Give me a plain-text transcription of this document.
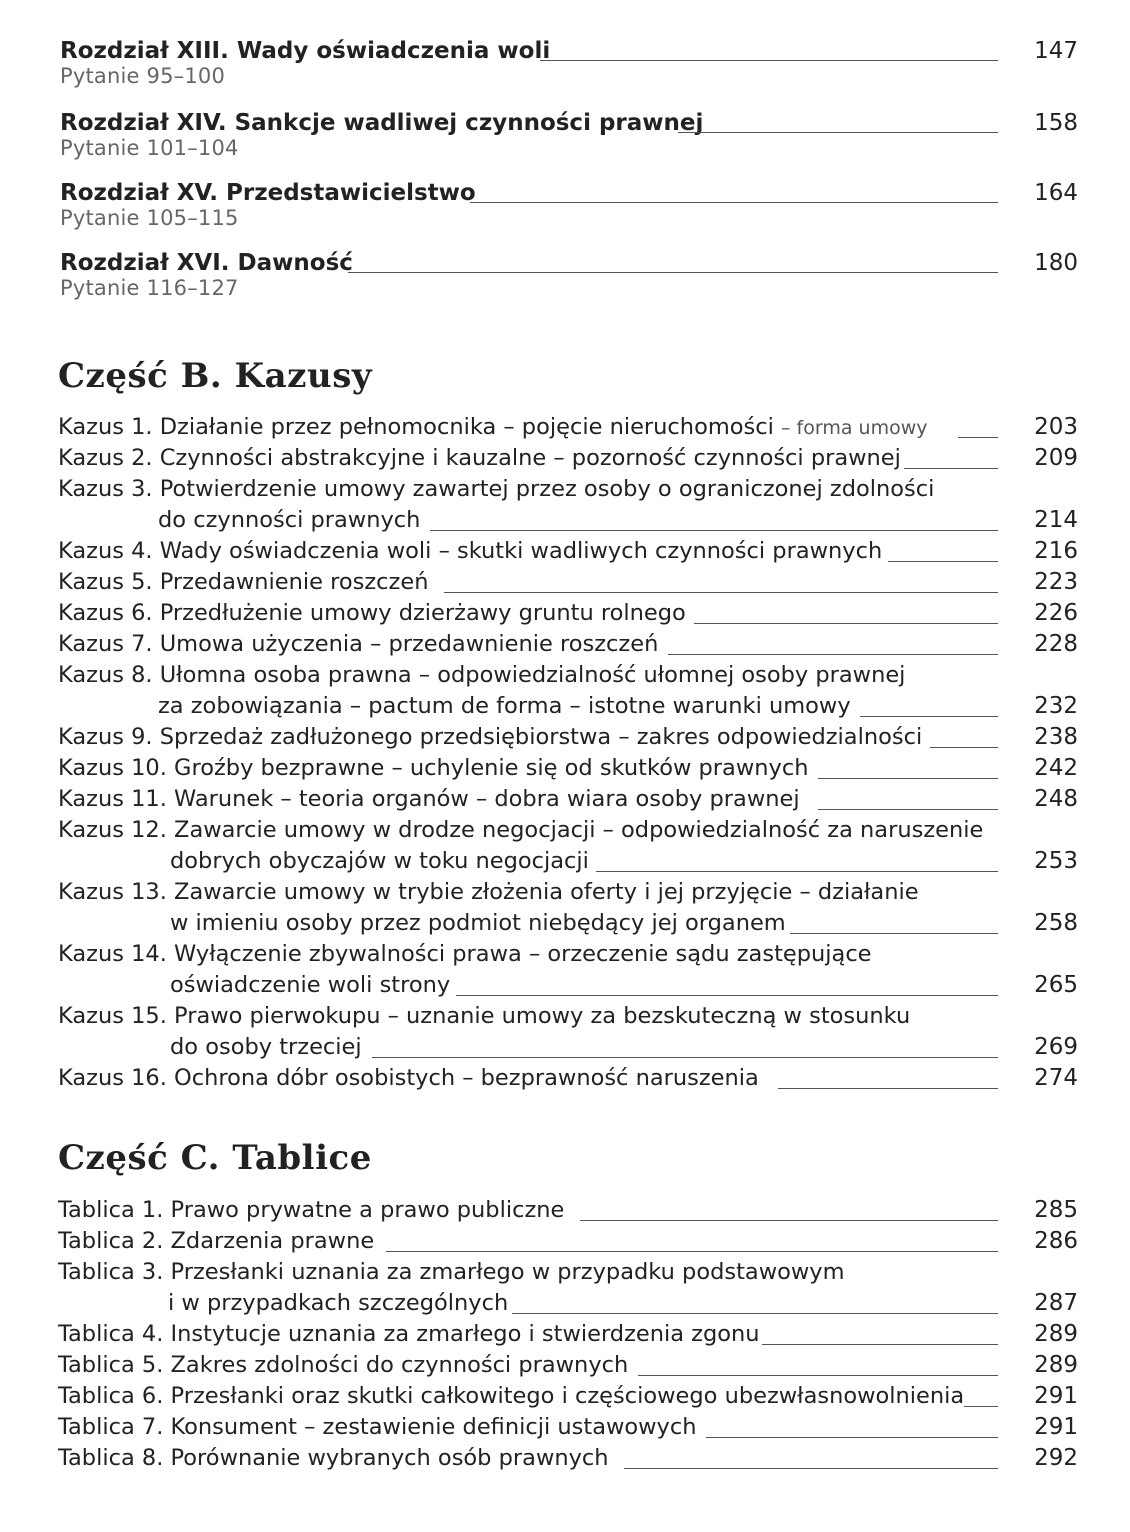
Rozdział XIII. Wady oświadczenia woli	147
Pytanie 95–100
Rozdział XIV. Sankcje wadliwej czynności prawnej	158
Pytanie 101–104
Rozdział XV. Przedstawicielstwo	164
Pytanie 105–115
Rozdział XVI. Dawność	180
Pytanie 116–127
Część B. Kazusy
Kazus 1. Działanie przez pełnomocnika – pojęcie nieruchomości – forma umowy	203
Kazus 2. Czynności abstrakcyjne i kauzalne – pozorność czynności prawnej	209
Kazus 3. Potwierdzenie umowy zawartej przez osoby o ograniczonej zdolności
do czynności prawnych	214
Kazus 4. Wady oświadczenia woli – skutki wadliwych czynności prawnych	216
Kazus 5. Przedawnienie roszczeń	223
Kazus 6. Przedłużenie umowy dzierżawy gruntu rolnego	226
Kazus 7. Umowa użyczenia – przedawnienie roszczeń	228
Kazus 8. Ułomna osoba prawna – odpowiedzialność ułomnej osoby prawnej
za zobowiązania – pactum de forma – istotne warunki umowy	232
Kazus 9. Sprzedaż zadłużonego przedsiębiorstwa – zakres odpowiedzialności	238
Kazus 10. Groźby bezprawne – uchylenie się od skutków prawnych	242
Kazus 11. Warunek – teoria organów – dobra wiara osoby prawnej	248
Kazus 12. Zawarcie umowy w drodze negocjacji – odpowiedzialność za naruszenie
dobrych obyczajów w toku negocjacji	253
Kazus 13. Zawarcie umowy w trybie złożenia oferty i jej przyjęcie – działanie
w imieniu osoby przez podmiot niebędący jej organem	258
Kazus 14. Wyłączenie zbywalności prawa – orzeczenie sądu zastępujące
oświadczenie woli strony	265
Kazus 15. Prawo pierwokupu – uznanie umowy za bezskuteczną w stosunku
do osoby trzeciej	269
Kazus 16. Ochrona dóbr osobistych – bezprawność naruszenia	274
Część C. Tablice
Tablica 1. Prawo prywatne a prawo publiczne	285
Tablica 2. Zdarzenia prawne	286
Tablica 3. Przesłanki uznania za zmarłego w przypadku podstawowym
i w przypadkach szczególnych	287
Tablica 4. Instytucje uznania za zmarłego i stwierdzenia zgonu	289
Tablica 5. Zakres zdolności do czynności prawnych	289
Tablica 6. Przesłanki oraz skutki całkowitego i częściowego ubezwłasnowolnienia	291
Tablica 7. Konsument – zestawienie definicji ustawowych	291
Tablica 8. Porównanie wybranych osób prawnych	292
